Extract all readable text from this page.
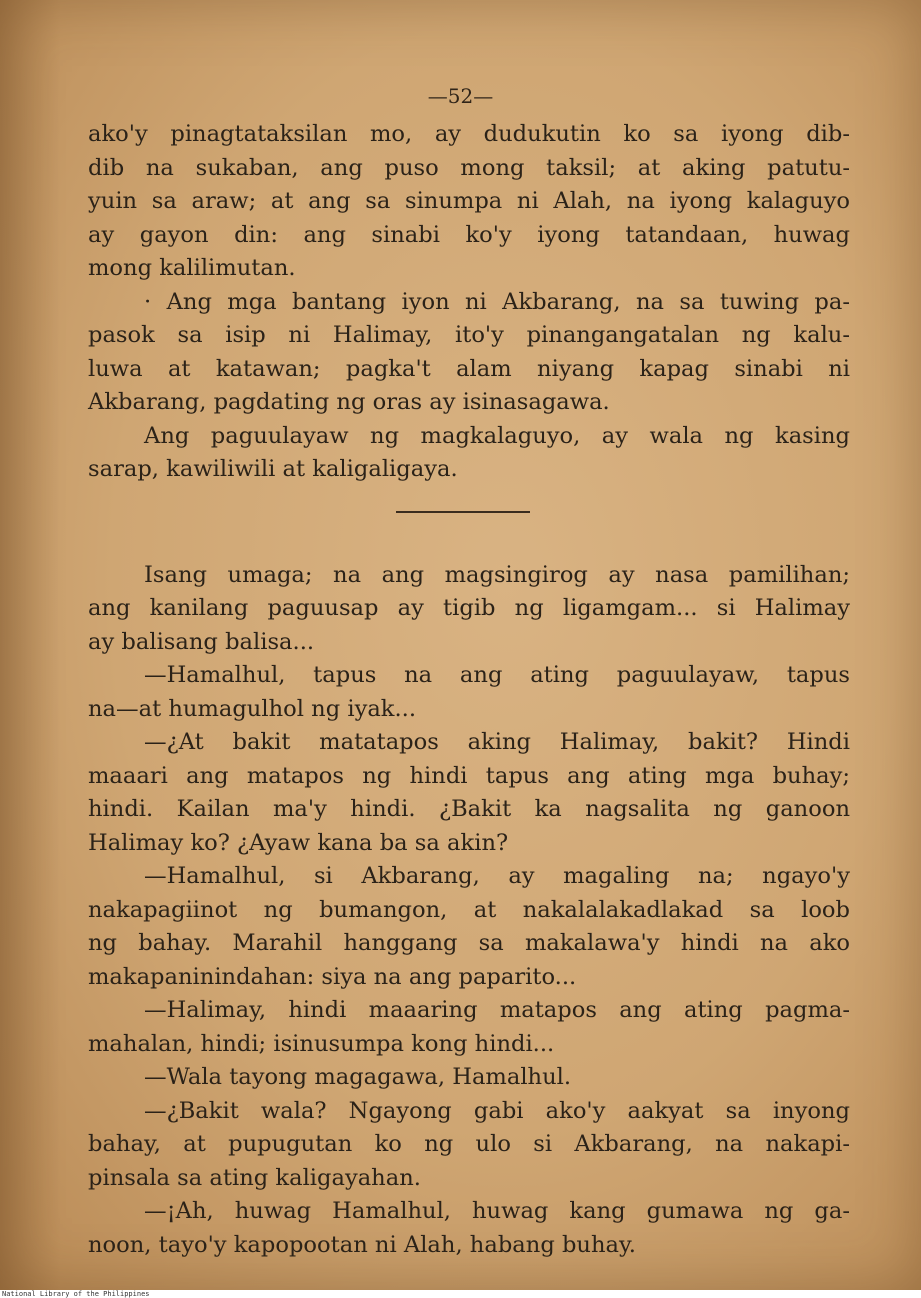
—52—
ako'y pinagtataksilan mo, ay dudukutin ko sa iyong dib-
dib na sukaban, ang puso mong taksil; at aking patutu-
yuin sa araw; at ang sa sinumpa ni Alah, na iyong kalaguyo
ay gayon din: ang sinabi ko'y iyong tatandaan, huwag
mong kalilimutan.
· Ang mga bantang iyon ni Akbarang, na sa tuwing pa-
pasok sa isip ni Halimay, ito'y pinangangatalan ng kalu-
luwa at katawan; pagka't alam niyang kapag sinabi ni
Akbarang, pagdating ng oras ay isinasagawa.
Ang paguulayaw ng magkalaguyo, ay wala ng kasing
sarap, kawiliwili at kaligaligaya.
Isang umaga; na ang magsingirog ay nasa pamilihan;
ang kanilang paguusap ay tigib ng ligamgam... si Halimay
ay balisang balisa...
—Hamalhul, tapus na ang ating paguulayaw, tapus
na—at humagulhol ng iyak...
—¿At bakit matatapos aking Halimay, bakit? Hindi
maaari ang matapos ng hindi tapus ang ating mga buhay;
hindi. Kailan ma'y hindi. ¿Bakit ka nagsalita ng ganoon
Halimay ko? ¿Ayaw kana ba sa akin?
—Hamalhul, si Akbarang, ay magaling na; ngayo'y
nakapagiinot ng bumangon, at nakalalakadlakad sa loob
ng bahay. Marahil hanggang sa makalawa'y hindi na ako
makapaninindahan: siya na ang paparito...
—Halimay, hindi maaaring matapos ang ating pagma-
mahalan, hindi; isinusumpa kong hindi...
—Wala tayong magagawa, Hamalhul.
—¿Bakit wala? Ngayong gabi ako'y aakyat sa inyong
bahay, at pupugutan ko ng ulo si Akbarang, na nakapi-
pinsala sa ating kaligayahan.
—¡Ah, huwag Hamalhul, huwag kang gumawa ng ga-
noon, tayo'y kapopootan ni Alah, habang buhay.
National Library of the Philippines
